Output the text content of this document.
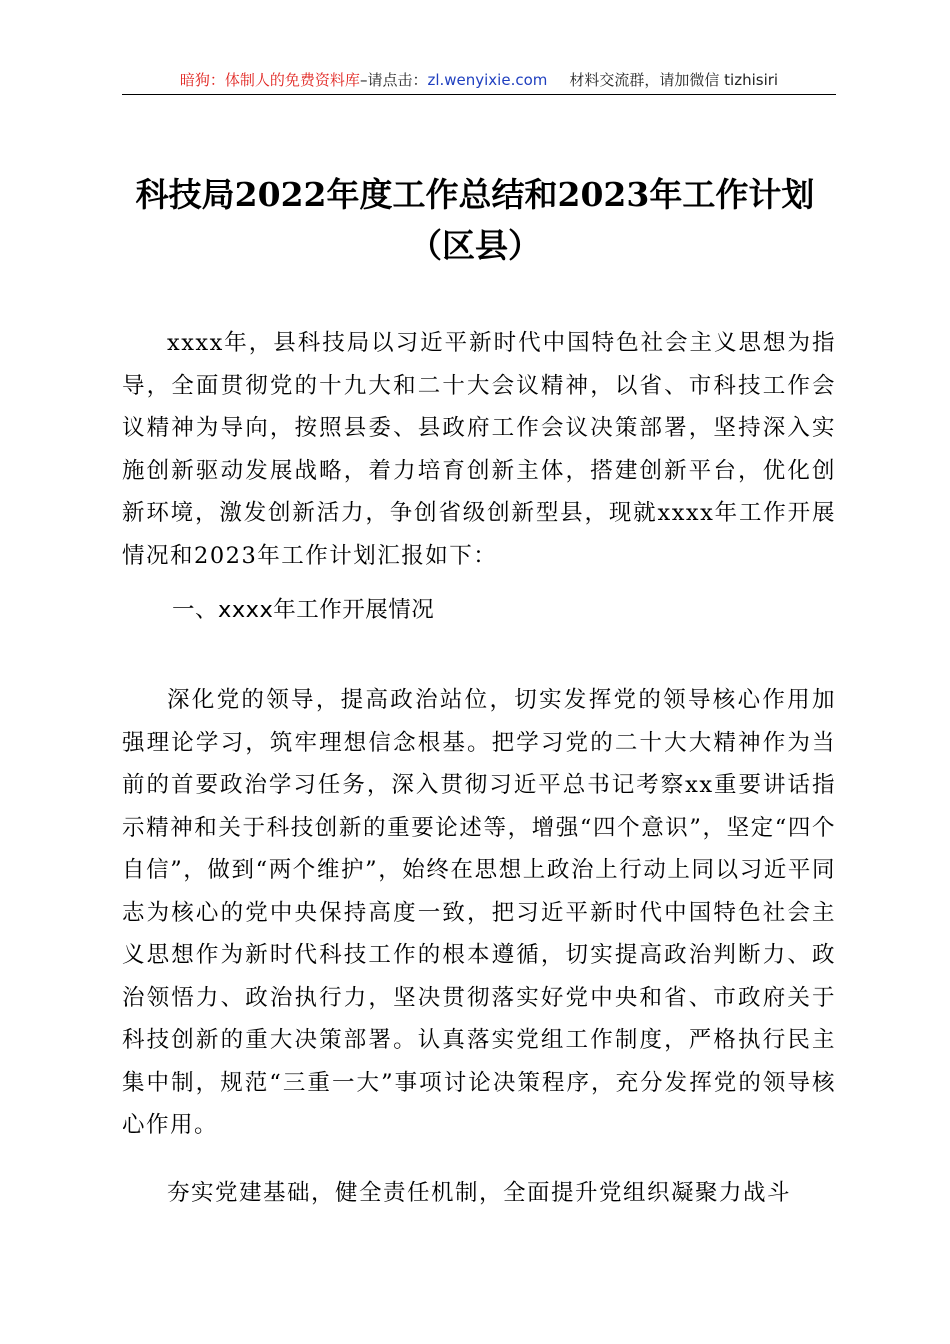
暗狗：体制人的免费资料库–请点击：zl.wenyixie.com 材料交流群，请加微信 tizhisiri
科技局2022年度工作总结和2023年工作计划
（区县）

xxxx年，县科技局以习近平新时代中国特色社会主义思想为指导，全面贯彻党的十九大和二十大会议精神，以省、市科技工作会议精神为导向，按照县委、县政府工作会议决策部署，坚持深入实施创新驱动发展战略，着力培育创新主体，搭建创新平台，优化创新环境，激发创新活力，争创省级创新型县，现就xxxx年工作开展情况和2023年工作计划汇报如下：

一、xxxx年工作开展情况

深化党的领导，提高政治站位，切实发挥党的领导核心作用加强理论学习，筑牢理想信念根基。把学习党的二十大大精神作为当前的首要政治学习任务，深入贯彻习近平总书记考察xx重要讲话指示精神和关于科技创新的重要论述等，增强“四个意识”，坚定“四个自信”，做到“两个维护”，始终在思想上政治上行动上同以习近平同志为核心的党中央保持高度一致，把习近平新时代中国特色社会主义思想作为新时代科技工作的根本遵循，切实提高政治判断力、政治领悟力、政治执行力，坚决贯彻落实好党中央和省、市政府关于科技创新的重大决策部署。认真落实党组工作制度，严格执行民主集中制，规范“三重一大”事项讨论决策程序，充分发挥党的领导核心作用。

夯实党建基础，健全责任机制，全面提升党组织凝聚力战斗
